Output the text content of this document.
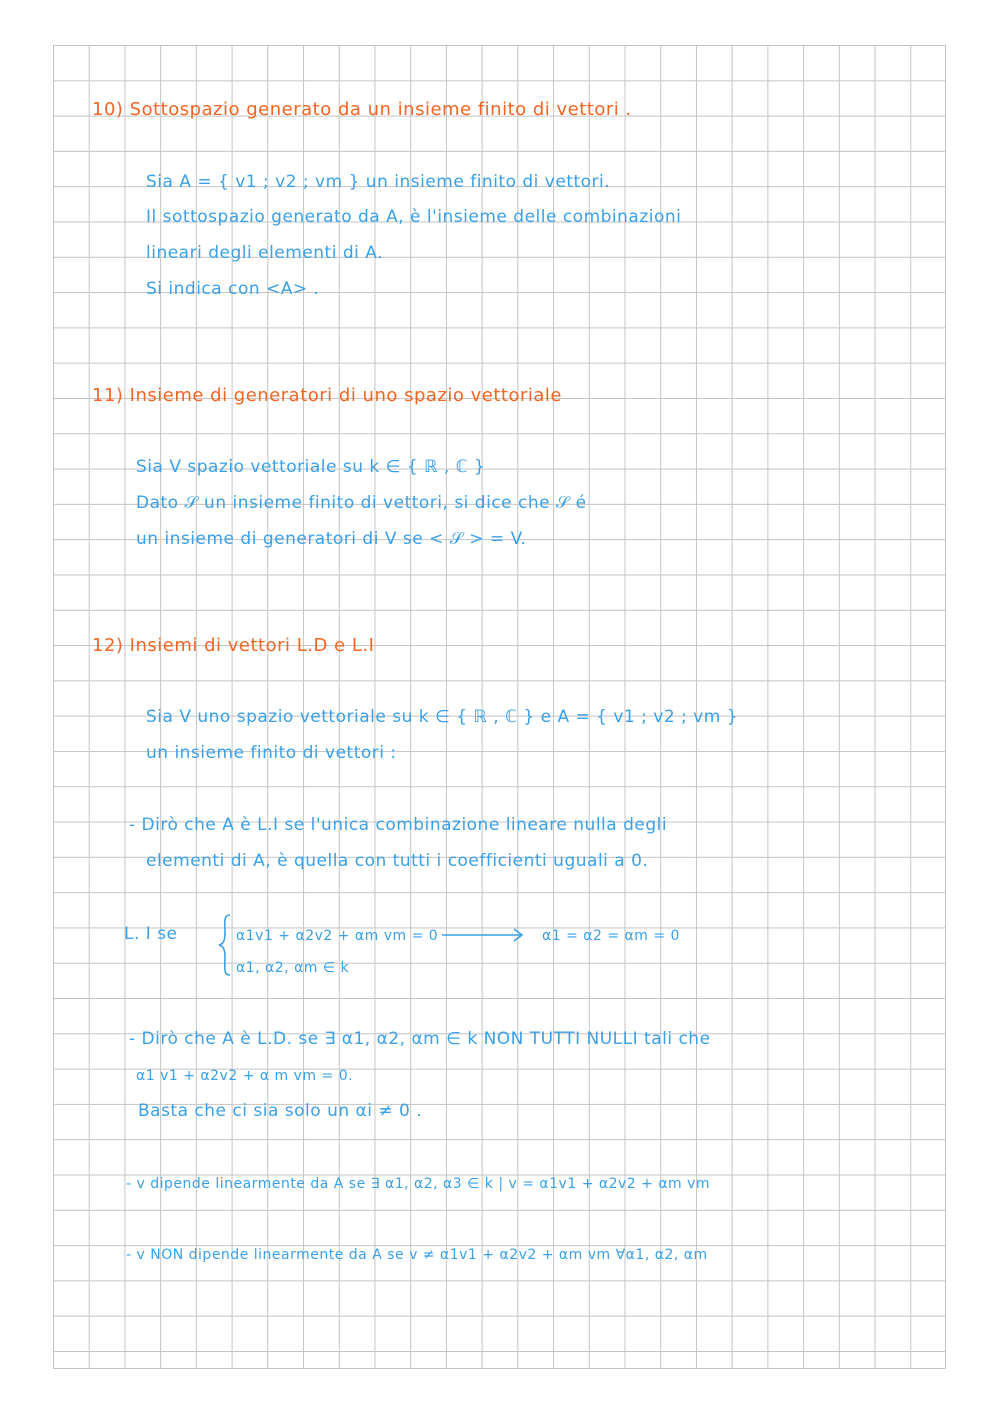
10) Sottospazio generato da un insieme finito di vettori .
Sia A = { v1 ; v2 ; vm } un insieme finito di vettori.
Il sottospazio generato da A, è l'insieme delle combinazioni
lineari degli elementi di A.
Si indica con <A> .
11) Insieme di generatori di uno spazio vettoriale
Sia V spazio vettoriale su k ∈ { ℝ , ℂ }
Dato 𝒮 un insieme finito di vettori, si dice che 𝒮 é
un insieme di generatori di V se < 𝒮 > = V.
12) Insiemi di vettori L.D e L.I
Sia V uno spazio vettoriale su k ∈ { ℝ , ℂ } e A = { v1 ; v2 ; vm }
un insieme finito di vettori :
- Dirò che A è L.I se l'unica combinazione lineare nulla degli
elementi di A, è quella con tutti i coefficienti uguali a 0.
L. I se	α1v1 + α2v2 + αm vm = 0
α1, α2, αm ∈ k
α1 = α2 = αm = 0
- Dirò che A è L.D. se ∃ α1, α2, αm ∈ k NON TUTTI NULLI tali che
α1 v1 + α2v2 + α m vm = 0.
Basta che ci sia solo un αi ≠ 0 .
- v dipende linearmente da A se ∃ α1, α2, α3 ∈ k | v = α1v1 + α2v2 + αm vm
- v NON dipende linearmente da A se v ≠ α1v1 + α2v2 + αm vm ∀α1, α2, αm
